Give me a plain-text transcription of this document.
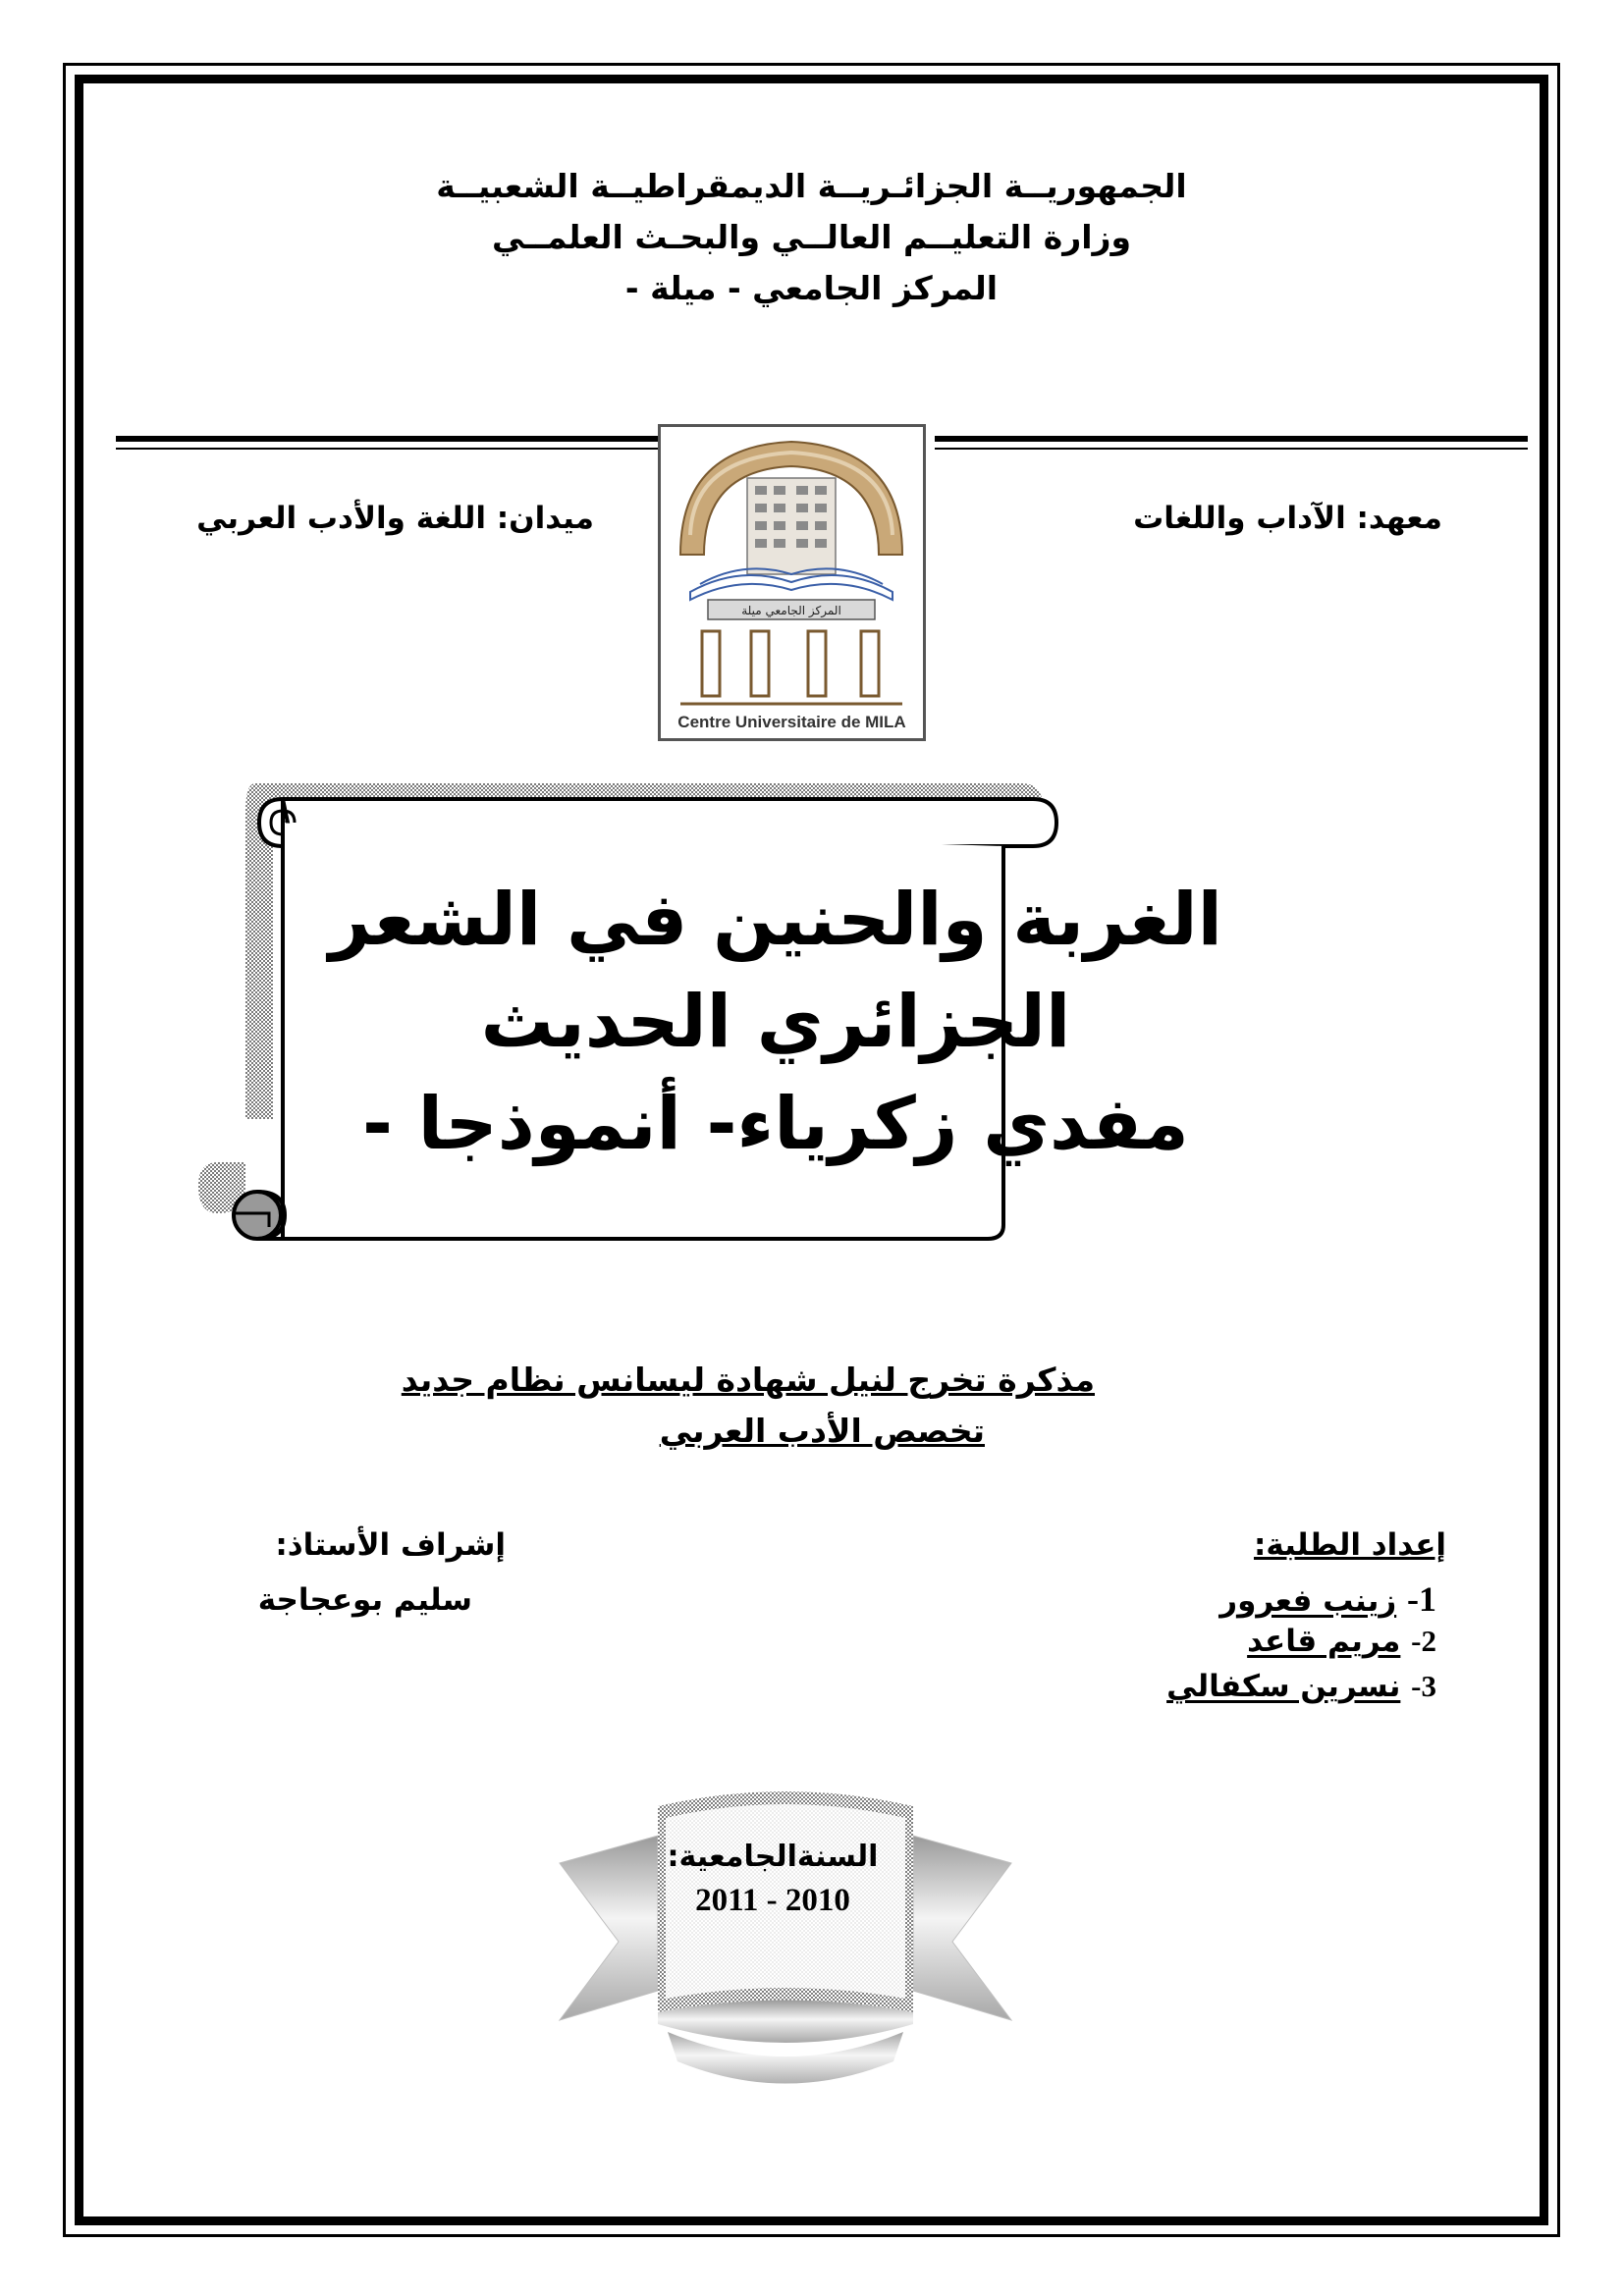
الجمهوريــة الجزائـريــة الديمقراطيــة الشعبيــة
وزارة التعليــم العالــي والبحـث العلمــي
المركز الجامعي - ميلة -
معهد: الآداب واللغات
ميدان: اللغة والأدب العربي
المركز الجامعي ميلة
Centre Universitaire de MILA
الغربة والحنين في الشعر
الجزائري الحديث
مفدي زكرياء- أنموذجا -
مذكرة تخرج لنيل شهادة ليسانس نظام جديد
تخصص الأدب العربي
إعداد الطلبة:
1- زينب فعرور
2- مريم قاعد
3- نسرين سكفالي
إشراف الأستاذ:
سليم بوعجاجة
السنةالجامعية:
2011 - 2010
